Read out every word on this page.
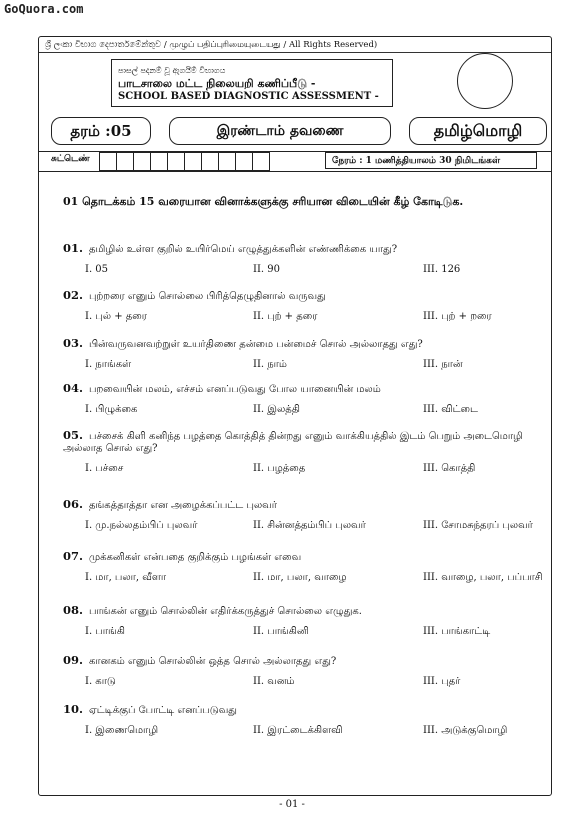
GoQuora.com
ශ්‍රී ලංකා විභාග දෙපාර්තමේන්තුව / முழுப் பதிப்புரிமையுடையது / All Rights Reserved)
පාසල් පදනම් වූ ඇගයීම් විභාගය
பாடசாலை மட்ட நிலையறி கணிப்பீடு -
SCHOOL BASED DIAGNOSTIC ASSESSMENT -
தரம் :05	இரண்டாம் தவணை	தமிழ்மொழி
சுட்டெண்	நேரம் : 1 மணித்தியாலம் 30 நிமிடங்கள்
01 தொடக்கம் 15 வரையான வினாக்களுக்கு சரியான விடையின் கீழ் கோடிடுக.
01. தமிழில் உள்ள குறில் உயிர்மெய் எழுத்துக்களின் எண்ணிக்கை யாது?
I. 05	II. 90	III. 126
02. புற்றரை எனும் சொல்லை பிரித்தெழுதினால் வருவது
I. புல் + தரை	II. புற் + தரை	III. புற் + றரை
03. பின்வருவனவற்றுள் உயர்திணை தன்மை பன்மைச் சொல் அல்லாதது எது?
I. நாங்கள்	II. நாம்	III. நான்
04. பறவையின் மலம், எச்சம் எனப்படுவது போல யானையின் மலம்
I. பிழுக்கை	II. இலத்தி	III. விட்டை
05. பச்சைக் கிளி கனிந்த பழத்தை கொத்தித் தின்றது எனும் வாக்கியத்தில் இடம் பெறும் அடைமொழி அல்லாத சொல் எது?
I. பச்சை	II. பழத்தை	III. கொத்தி
06. தங்கத்தாத்தா என அழைக்கப்பட்ட புலவர்
I. மு.நல்லதம்பிப் புலவர்	II. சின்னத்தம்பிப் புலவர்	III. சோமசுந்தரப் புலவர்
07. முக்கனிகள் என்பதை குறிக்கும் பழங்கள் எவை
I. மா, பலா, வீளா	II. மா, பலா, வாழை	III. வாழை, பலா, பப்பாசி
08. பாங்கன் எனும் சொல்லின் எதிர்க்கருத்துச் சொல்லை எழுதுக.
I. பாங்கி	II. பாங்கினி	III. பாங்காட்டி
09. கானகம் எனும் சொல்லின் ஒத்த சொல் அல்லாதது எது?
I. காடு	II. வனம்	III. புதர்
10. ஏட்டிக்குப் போட்டி எனப்படுவது
I. இணைமொழி	II. இரட்டைக்கிளவி	III. அடுக்குமொழி
- 01 -
